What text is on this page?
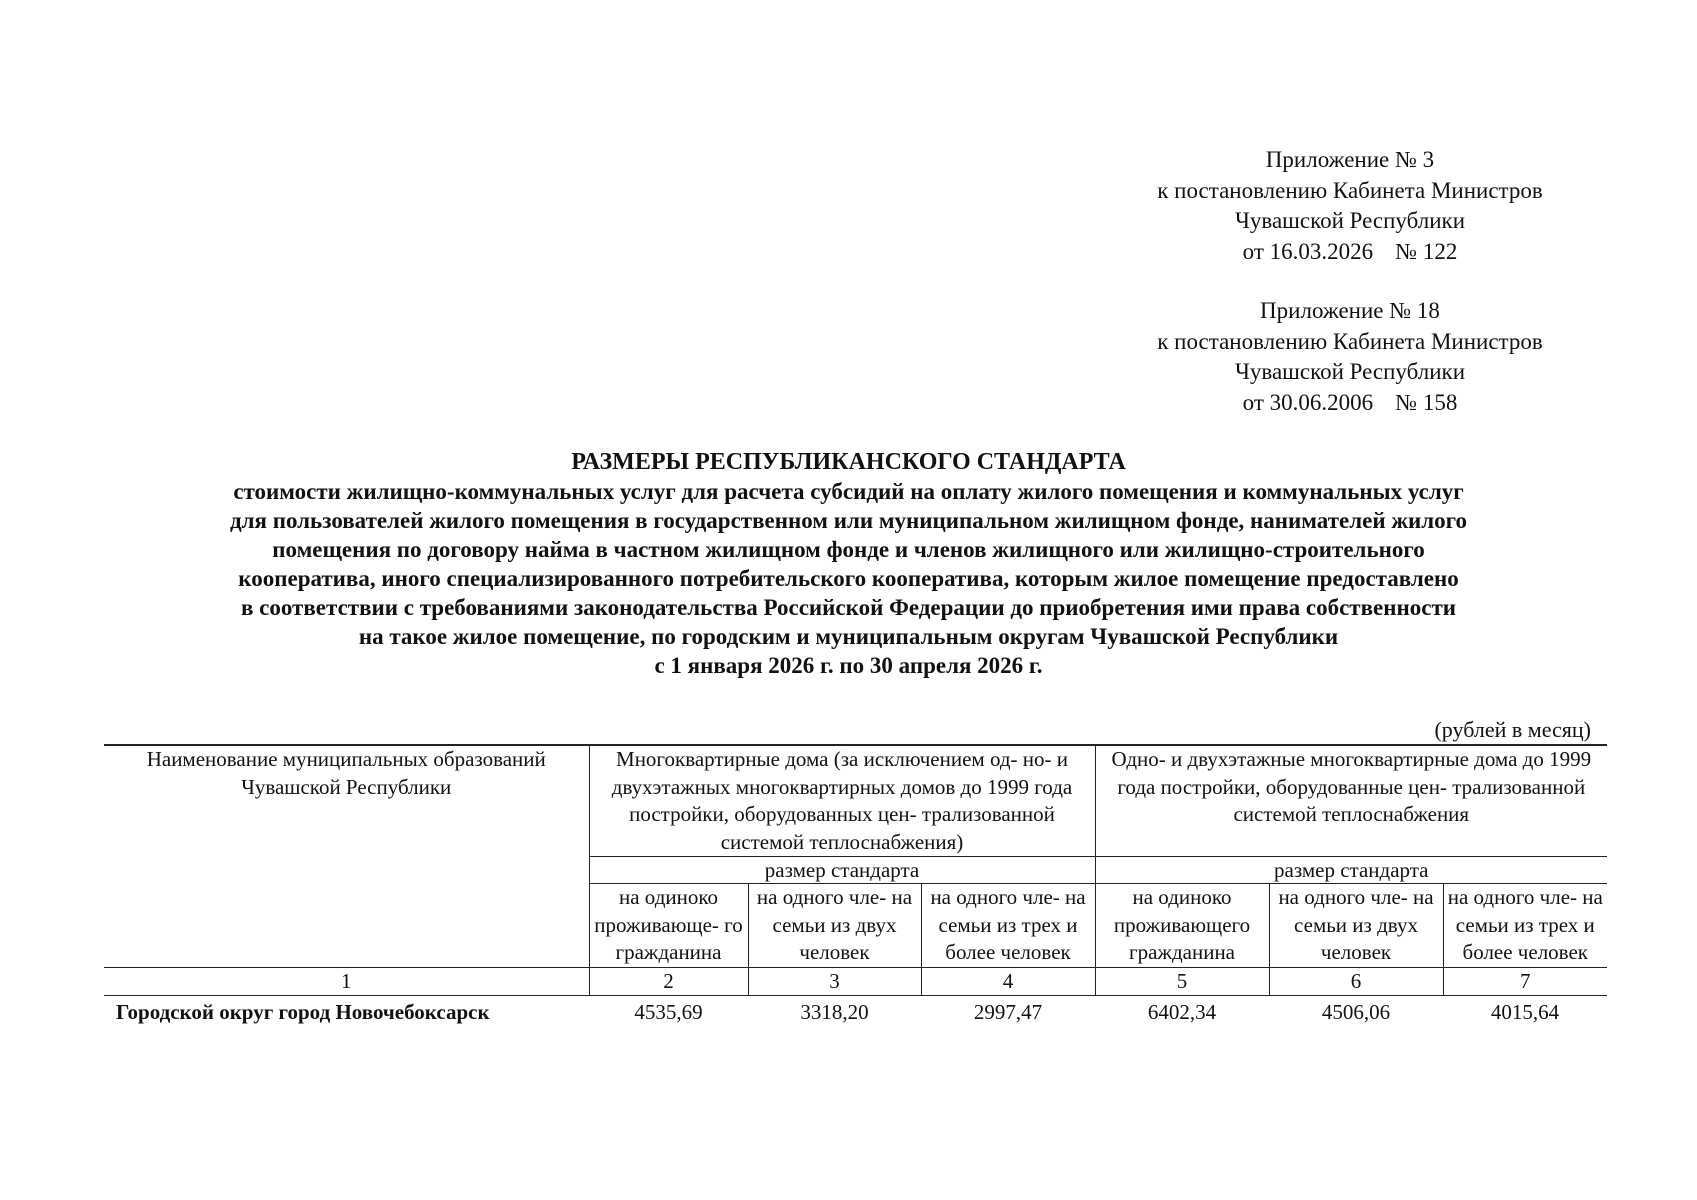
Приложение № 3
к постановлению Кабинета Министров
Чувашской Республики
от 16.03.2026 № 122
Приложение № 18
к постановлению Кабинета Министров
Чувашской Республики
от 30.06.2006 № 158
РАЗМЕРЫ РЕСПУБЛИКАНСКОГО СТАНДАРТА
стоимости жилищно-коммунальных услуг для расчета субсидий на оплату жилого помещения и коммунальных услуг
для пользователей жилого помещения в государственном или муниципальном жилищном фонде, нанимателей жилого
помещения по договору найма в частном жилищном фонде и членов жилищного или жилищно-строительного
кооператива, иного специализированного потребительского кооператива, которым жилое помещение предоставлено
в соответствии с требованиями законодательства Российской Федерации до приобретения ими права собственности
на такое жилое помещение, по городским и муниципальным округам Чувашской Республики
с 1 января 2026 г. по 30 апреля 2026 г.
(рублей в месяц)
Наименование муниципальных образований Чувашской Республики	Многоквартирные дома (за исключением од- но- и двухэтажных многоквартирных домов до 1999 года постройки, оборудованных цен- трализованной системой теплоснабжения)			Одно- и двухэтажные многоквартирные дома до 1999 года постройки, оборудованные цен- трализованной системой теплоснабжения		
	размер стандарта			размер стандарта		
	на одиноко проживающе- го гражданина	на одного чле- на семьи из двух человек	на одного чле- на семьи из трех и более человек	на одиноко проживающего гражданина	на одного чле- на семьи из двух человек	на одного чле- на семьи из трех и более человек
1	2	3	4	5	6	7
Городской округ город Новочебоксарск	4535,69	3318,20	2997,47	6402,34	4506,06	4015,64
